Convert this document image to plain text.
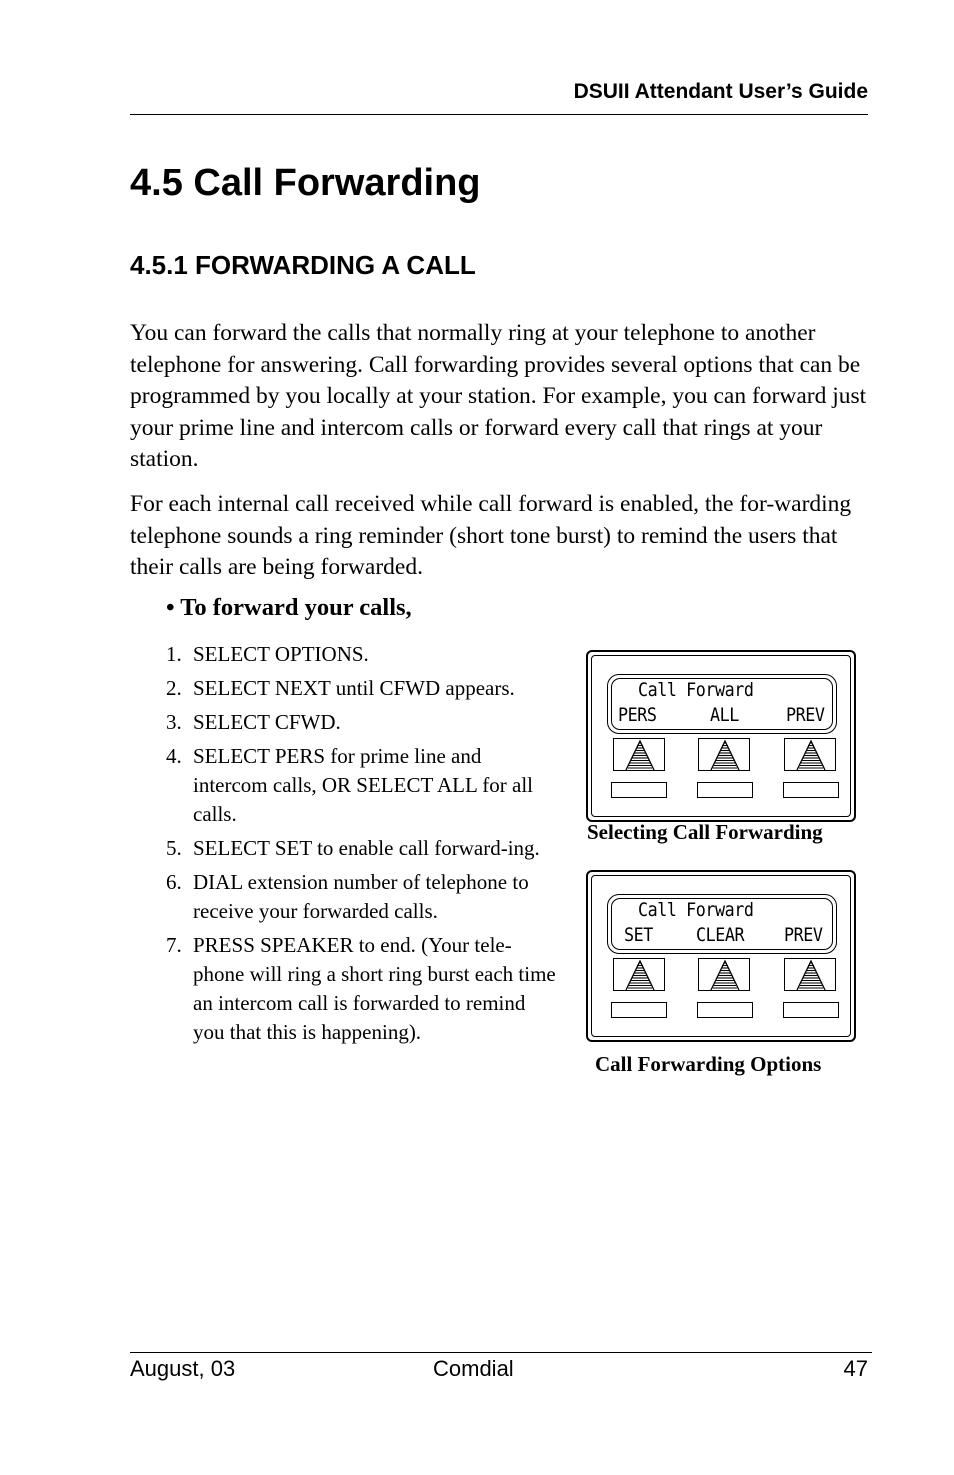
DSUII Attendant User’s Guide
4.5 Call Forwarding
4.5.1 FORWARDING A CALL

You can forward the calls that normally ring at your telephone to another telephone for answering. Call forwarding provides several options that can be programmed by you locally at your station. For example, you can forward just your prime line and intercom calls or forward every call that rings at your station.

For each internal call received while call forward is enabled, the for-warding telephone sounds a ring reminder (short tone burst) to remind the users that their calls are being forwarded.

• To forward your calls,

1. SELECT OPTIONS.
2. SELECT NEXT until CFWD appears.
3. SELECT CFWD.
4. SELECT PERS for prime line and intercom calls, OR SELECT ALL for all calls.
5. SELECT SET to enable call forward-ing.
6. DIAL extension number of telephone to receive your forwarded calls.
7. PRESS SPEAKER to end. (Your tele-phone will ring a short ring burst each time an intercom call is forwarded to remind you that this is happening).
Call Forward
PERS	ALL PREV
Selecting Call Forwarding
Call Forward
SET CLEAR PREV
Call Forwarding Options
August, 03	Comdial	47
